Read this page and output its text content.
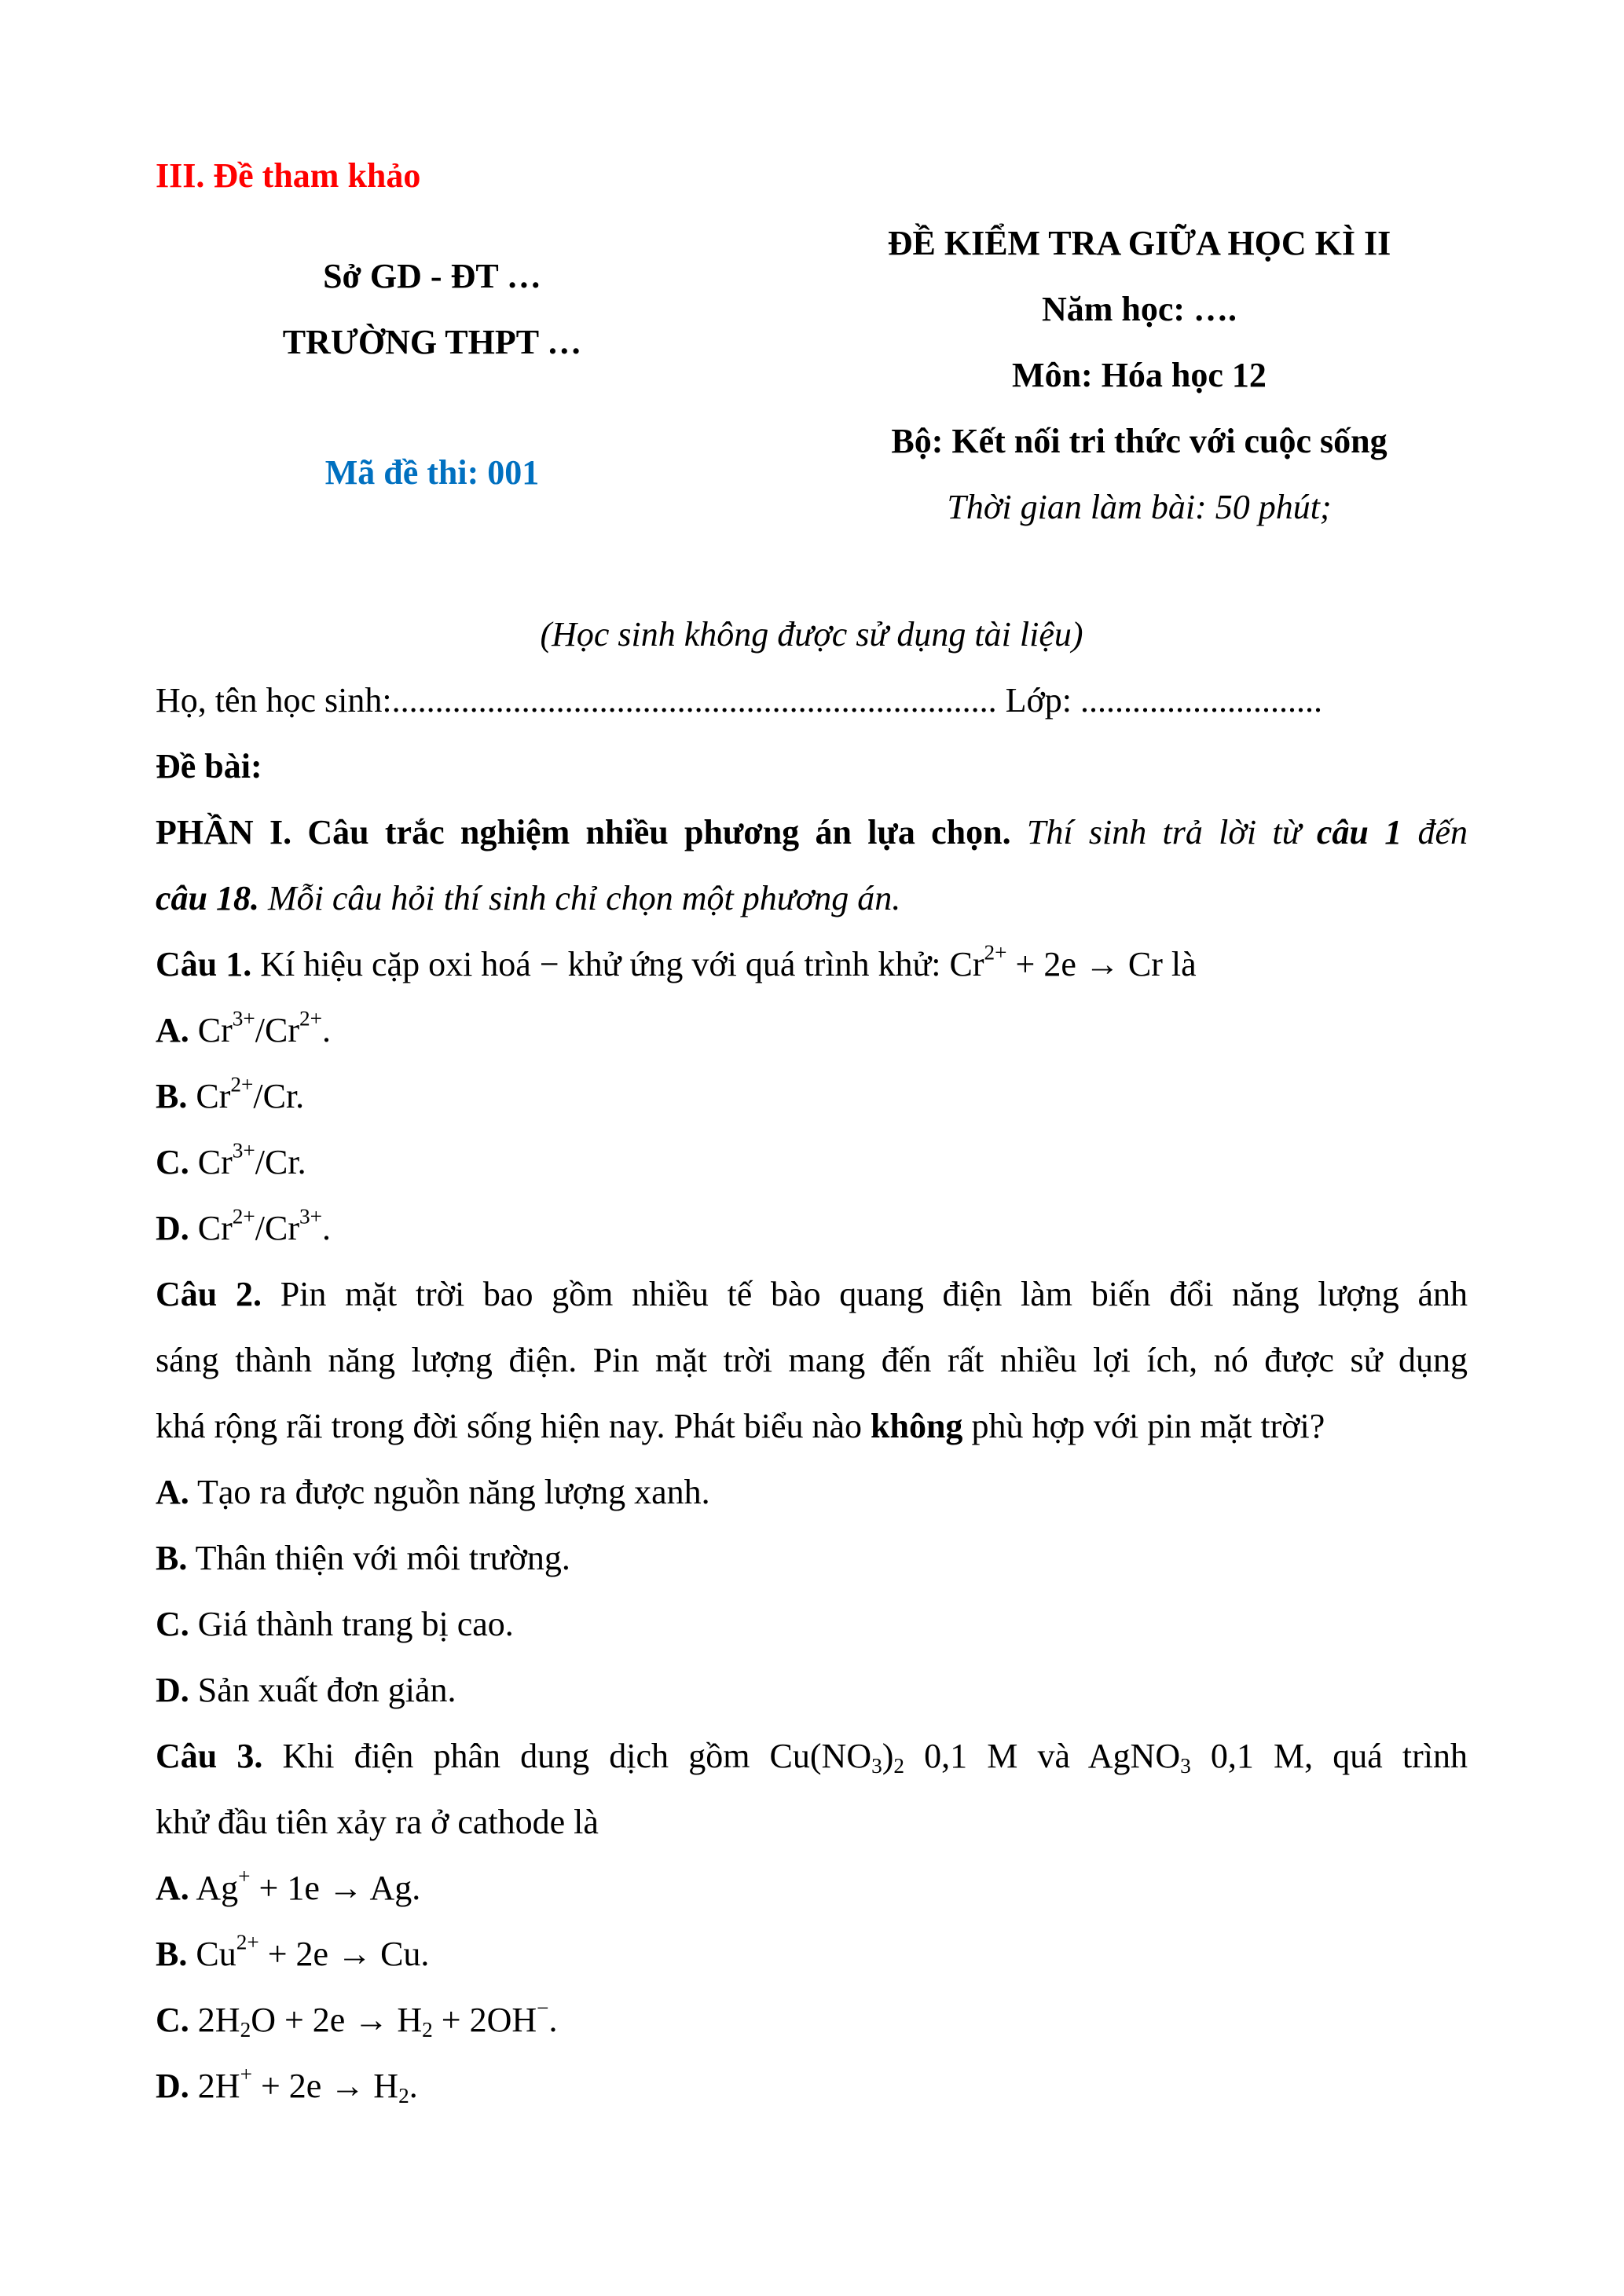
III. Đề tham khảo
Sở GD - ĐT …
TRƯỜNG THPT …
Mã đề thi: 001
ĐỀ KIỂM TRA GIỮA HỌC KÌ II
Năm học: ….
Môn: Hóa học 12
Bộ: Kết nối tri thức với cuộc sống
Thời gian làm bài: 50 phút;
(Học sinh không được sử dụng tài liệu)
Họ, tên học sinh:...................................................................... Lớp: ............................
Đề bài:
PHẦN I. Câu trắc nghiệm nhiều phương án lựa chọn. Thí sinh trả lời từ câu 1 đến
câu 18. Mỗi câu hỏi thí sinh chỉ chọn một phương án.
Câu 1. Kí hiệu cặp oxi hoá − khử ứng với quá trình khử: $Cr^{2+} + 2e \to Cr$ là
A. $Cr^{3+}/Cr^{2+}$.
B. $Cr^{2+}/Cr$.
C. $Cr^{3+}/Cr$.
D. $Cr^{2+}/Cr^{3+}$.
Câu 2. Pin mặt trời bao gồm nhiều tế bào quang điện làm biến đổi năng lượng ánh
sáng thành năng lượng điện. Pin mặt trời mang đến rất nhiều lợi ích, nó được sử dụng
khá rộng rãi trong đời sống hiện nay. Phát biểu nào không phù hợp với pin mặt trời?
A. Tạo ra được nguồn năng lượng xanh.
B. Thân thiện với môi trường.
C. Giá thành trang bị cao.
D. Sản xuất đơn giản.
Câu 3. Khi điện phân dung dịch gồm $Cu(NO_3)_2$ 0,1 M và AgNO$_3$ 0,1 M, quá trình
khử đầu tiên xảy ra ở cathode là
A. Ag+ + 1e → Ag.
B. $Cu^{2+} + 2e \to Cu$.
C. $2H_2O + 2e \to H_2 + 2OH^-$.
D. $2H^+ + 2e \to H_2$.
